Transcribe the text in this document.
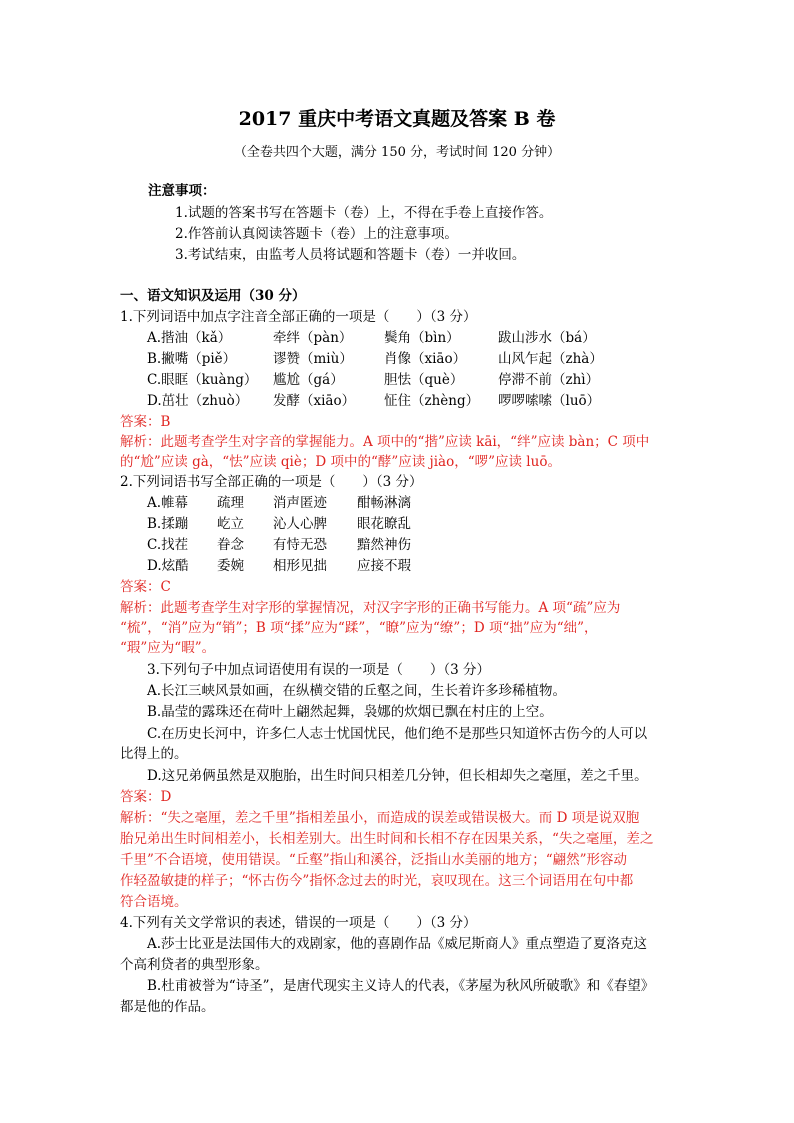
2017 重庆中考语文真题及答案 B 卷
（全卷共四个大题，满分 150 分，考试时间 120 分钟）
注意事项：
1.试题的答案书写在答题卡（卷）上，不得在手卷上直接作答。
2.作答前认真阅读答题卡（卷）上的注意事项。
3.考试结束，由监考人员将试题和答题卡（卷）一并收回。
一、语文知识及运用（30 分）
1.下列词语中加点字注音全部正确的一项是（　　）（3 分）
A.揩油（kǎ）	牵绊（pàn） 鬓角（bìn）	跋山涉水（bá）
B.撇嘴（piě）	谬赞（miù） 肖像（xiāo） 山风乍起（zhà）
C.眼眶（kuàng） 尴尬（gá）	胆怯（què）	停滞不前（zhì）
D.茁壮（zhuò） 发酵（xiāo） 怔住（zhèng） 啰啰嗦嗦（luō）
答案：B
解析：此题考查学生对字音的掌握能力。A 项中的“揩”应读 kāi，“绊”应读 bàn；C 项中
的“尬”应读 gà，“怯”应读 qiè；D 项中的“酵”应读 jiào，“啰”应读 luō。
2.下列词语书写全部正确的一项是（　　）（3 分）
A.帷幕 疏理 消声匿迹 酣畅淋漓
B.揉蹦 屹立 沁人心脾 眼花瞭乱
C.找茬 眷念 有恃无恐 黯然神伤
D.炫酷 委婉 相形见拙 应接不瑕
答案：C
解析：此题考查学生对字形的掌握情况，对汉字字形的正确书写能力。A 项“疏”应为
“梳”，“消”应为“销”；B 项“揉”应为“蹂”，“瞭”应为“缭”；D 项“拙”应为“绌”，
“瑕”应为“暇”。
3.下列句子中加点词语使用有误的一项是（　　）（3 分）
A.长江三峡风景如画，在纵横交错的丘壑之间，生长着许多珍稀植物。
B.晶莹的露珠还在荷叶上翩然起舞，袅娜的炊烟已飘在村庄的上空。
C.在历史长河中，许多仁人志士忧国忧民，他们绝不是那些只知道怀古伤今的人可以
比得上的。
D.这兄弟俩虽然是双胞胎，出生时间只相差几分钟，但长相却失之毫厘，差之千里。
答案：D
解析：“失之毫厘，差之千里”指相差虽小，而造成的误差或错误极大。而 D 项是说双胞
胎兄弟出生时间相差小，长相差别大。出生时间和长相不存在因果关系，“失之毫厘，差之
千里”不合语境，使用错误。“丘壑”指山和溪谷，泛指山水美丽的地方；“翩然”形容动
作轻盈敏捷的样子；“怀古伤今”指怀念过去的时光，哀叹现在。这三个词语用在句中都
符合语境。
4.下列有关文学常识的表述，错误的一项是（　　）（3 分）
A.莎士比亚是法国伟大的戏剧家，他的喜剧作品《威尼斯商人》重点塑造了夏洛克这
个高利贷者的典型形象。
B.杜甫被誉为“诗圣”，是唐代现实主义诗人的代表，《茅屋为秋风所破歌》和《春望》
都是他的作品。
